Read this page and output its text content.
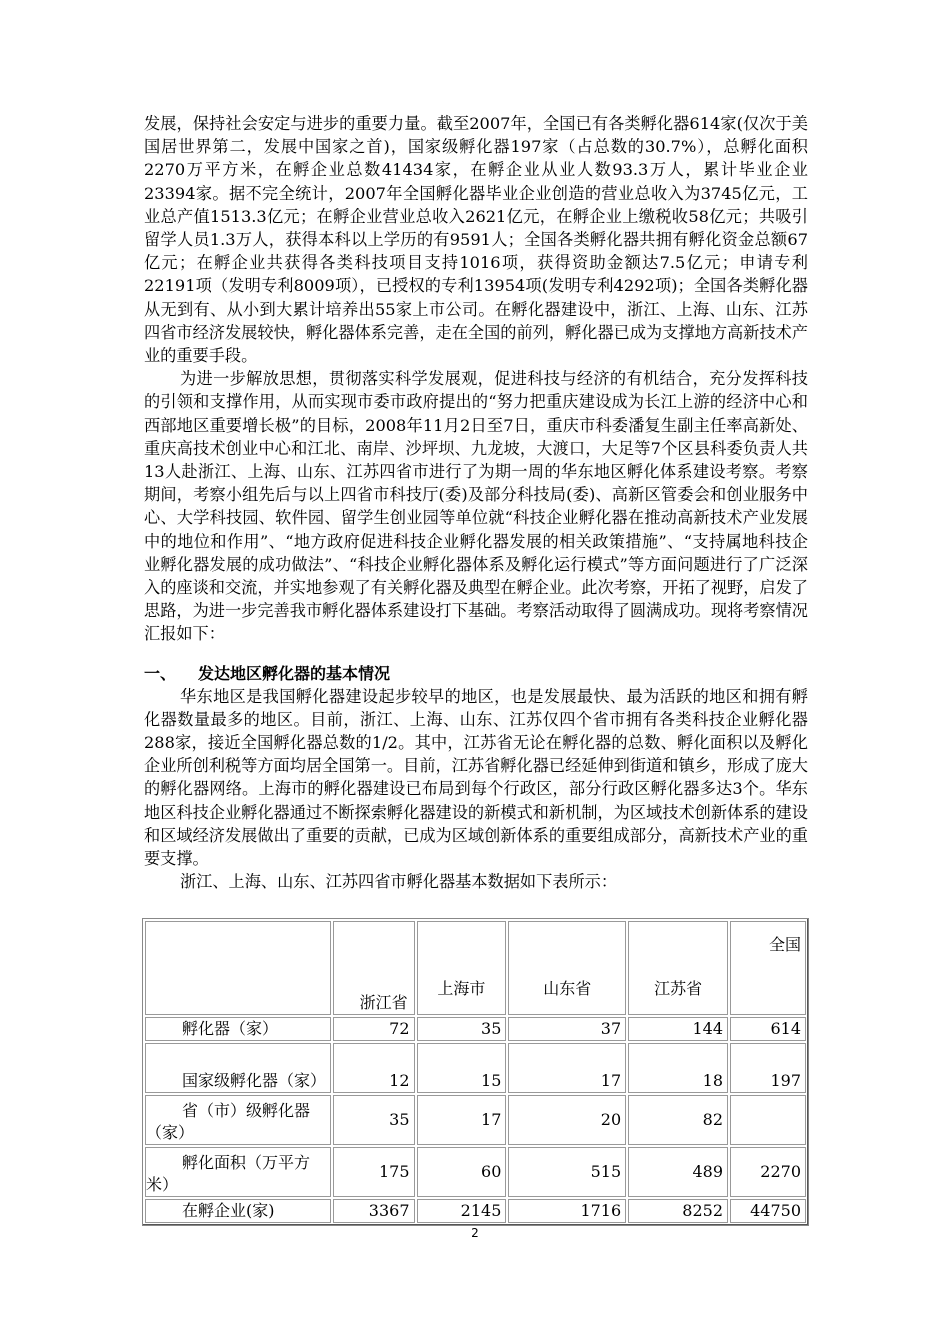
发展，保持社会安定与进步的重要力量。截至2007年，全国已有各类孵化器614家(仅次于美国居世界第二，发展中国家之首)，国家级孵化器197家（占总数的30.7%），总孵化面积2270万平方米，在孵企业总数41434家，在孵企业从业人数93.3万人，累计毕业企业23394家。据不完全统计，2007年全国孵化器毕业企业创造的营业总收入为3745亿元，工业总产值1513.3亿元；在孵企业营业总收入2621亿元，在孵企业上缴税收58亿元；共吸引留学人员1.3万人，获得本科以上学历的有9591人；全国各类孵化器共拥有孵化资金总额67亿元；在孵企业共获得各类科技项目支持1016项，获得资助金额达7.5亿元；申请专利22191项（发明专利8009项），已授权的专利13954项(发明专利4292项)；全国各类孵化器从无到有、从小到大累计培养出55家上市公司。在孵化器建设中，浙江、上海、山东、江苏四省市经济发展较快，孵化器体系完善，走在全国的前列，孵化器已成为支撑地方高新技术产业的重要手段。

为进一步解放思想，贯彻落实科学发展观，促进科技与经济的有机结合，充分发挥科技的引领和支撑作用，从而实现市委市政府提出的“努力把重庆建设成为长江上游的经济中心和西部地区重要增长极”的目标，2008年11月2日至7日，重庆市科委潘复生副主任率高新处、重庆高技术创业中心和江北、南岸、沙坪坝、九龙坡，大渡口，大足等7个区县科委负责人共13人赴浙江、上海、山东、江苏四省市进行了为期一周的华东地区孵化体系建设考察。考察期间，考察小组先后与以上四省市科技厅(委)及部分科技局(委)、高新区管委会和创业服务中心、大学科技园、软件园、留学生创业园等单位就“科技企业孵化器在推动高新技术产业发展中的地位和作用”、“地方政府促进科技企业孵化器发展的相关政策措施”、“支持属地科技企业孵化器发展的成功做法”、“科技企业孵化器体系及孵化运行模式”等方面问题进行了广泛深入的座谈和交流，并实地参观了有关孵化器及典型在孵企业。此次考察，开拓了视野，启发了思路，为进一步完善我市孵化器体系建设打下基础。考察活动取得了圆满成功。现将考察情况汇报如下：

一、 发达地区孵化器的基本情况

华东地区是我国孵化器建设起步较早的地区，也是发展最快、最为活跃的地区和拥有孵化器数量最多的地区。目前，浙江、上海、山东、江苏仅四个省市拥有各类科技企业孵化器288家，接近全国孵化器总数的1/2。其中，江苏省无论在孵化器的总数、孵化面积以及孵化企业所创利税等方面均居全国第一。目前，江苏省孵化器已经延伸到街道和镇乡，形成了庞大的孵化器网络。上海市的孵化器建设已布局到每个行政区，部分行政区孵化器多达3个。华东地区科技企业孵化器通过不断探索孵化器建设的新模式和新机制，为区域技术创新体系的建设和区域经济发展做出了重要的贡献，已成为区域创新体系的重要组成部分，高新技术产业的重要支撑。

浙江、上海、山东、江苏四省市孵化器基本数据如下表所示：

	浙江省	上海市	山东省	江苏省	全国
孵化器（家）	72	35	37	144	614
国家级孵化器（家）	12	15	17	18	197
省（市）级孵化器（家）	35	17	20	82	
孵化面积（万平方米）	175	60	515	489	2270
在孵企业(家)	3367	2145	1716	8252	44750
2
